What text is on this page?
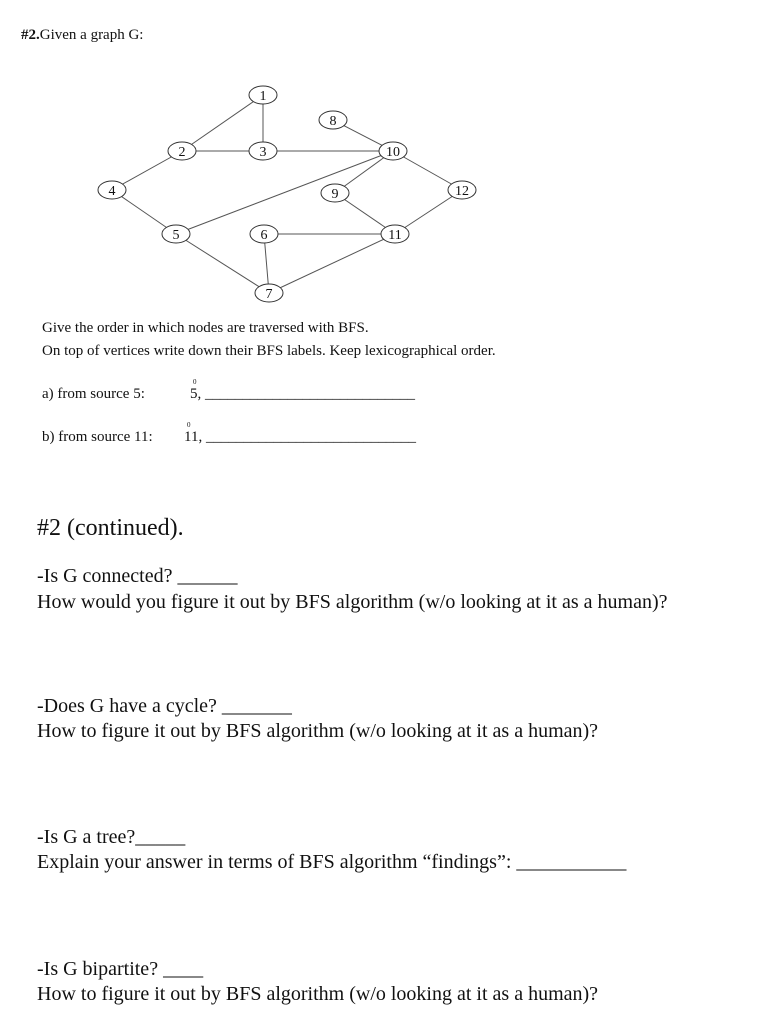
#2.Given a graph G:
1
2	3
4
5	6
7
8
9
10
11
12
Give the order in which nodes are traversed with BFS.
On top of vertices write down their BFS labels. Keep lexicographical order.
a) from source 5:
0
5, ____________________________
b) from source 11:
0
11, ____________________________
#2 (continued).
-Is G connected? ______
How would you figure it out by BFS algorithm (w/o looking at it as a human)?
-Does G have a cycle? _______
How to figure it out by BFS algorithm (w/o looking at it as a human)?
-Is G a tree?_____
Explain your answer in terms of BFS algorithm “findings”: ___________
-Is G bipartite? ____
How to figure it out by BFS algorithm (w/o looking at it as a human)?
